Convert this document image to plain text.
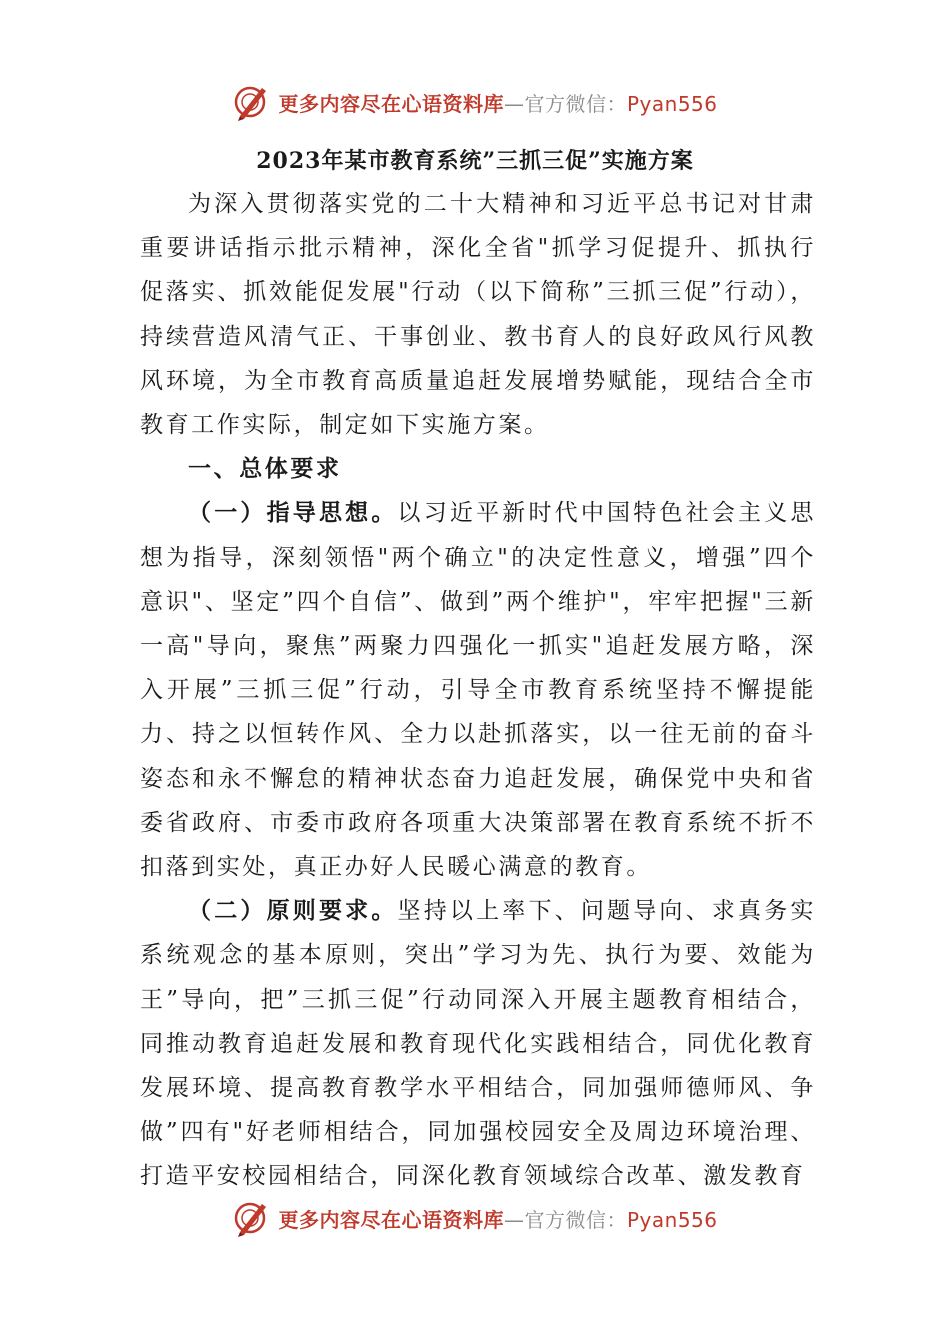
更多内容尽在心语资料库—官方微信：Pyan556
2023年某市教育系统”三抓三促”实施方案

为深入贯彻落实党的二十大精神和习近平总书记对甘肃重要讲话指示批示精神，深化全省"抓学习促提升、抓执行促落实、抓效能促发展"行动（以下简称”三抓三促”行动），持续营造风清气正、干事创业、教书育人的良好政风行风教风环境，为全市教育高质量追赶发展增势赋能，现结合全市教育工作实际，制定如下实施方案。

一、总体要求

（一）指导思想。以习近平新时代中国特色社会主义思想为指导，深刻领悟"两个确立"的决定性意义，增强”四个意识"、坚定”四个自信”、做到”两个维护"，牢牢把握"三新一高"导向，聚焦”两聚力四强化一抓实"追赶发展方略，深入开展”三抓三促”行动，引导全市教育系统坚持不懈提能力、持之以恒转作风、全力以赴抓落实，以一往无前的奋斗姿态和永不懈怠的精神状态奋力追赶发展，确保党中央和省委省政府、市委市政府各项重大决策部署在教育系统不折不扣落到实处，真正办好人民暖心满意的教育。

（二）原则要求。坚持以上率下、问题导向、求真务实系统观念的基本原则，突出”学习为先、执行为要、效能为王”导向，把”三抓三促”行动同深入开展主题教育相结合，同推动教育追赶发展和教育现代化实践相结合，同优化教育发展环境、提高教育教学水平相结合，同加强师德师风、争做”四有"好老师相结合，同加强校园安全及周边环境治理、打造平安校园相结合，同深化教育领域综合改革、激发教育

更多内容尽在心语资料库—官方微信：Pyan556
